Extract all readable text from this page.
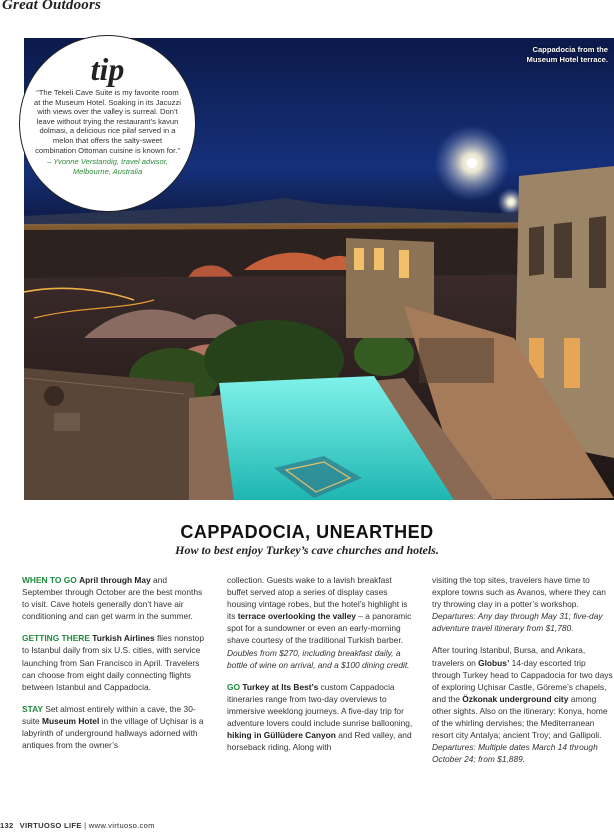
Great Outdoors
Cappadocia from the
Museum Hotel terrace.
tip
“The Tekeli Cave Suite is my favorite room at the Museum Hotel. Soaking in its Jacuzzi with views over the valley is surreal. Don’t leave without trying the restaurant’s kavun dolmasi, a delicious rice pilaf served in a melon that offers the salty-sweet combination Ottoman cuisine is known for.”
– Yvonne Verstandig, travel advisor, Melbourne, Australia
CAPPADOCIA, UNEARTHED
How to best enjoy Turkey’s cave churches and hotels.

WHEN TO GO April through May and September through October are the best months to visit. Cave hotels generally don’t have air conditioning and can get warm in the summer.

GETTING THERE Turkish Airlines flies nonstop to Istanbul daily from six U.S. cities, with service launching from San Francisco in April. Travelers can choose from eight daily connecting flights between Istanbul and Cappadocia.

STAY Set almost entirely within a cave, the 30-suite Museum Hotel in the village of Uçhisar is a labyrinth of underground hallways adorned with antiques from the owner’s

collection. Guests wake to a lavish breakfast buffet served atop a series of display cases housing vintage robes, but the hotel’s highlight is its terrace overlooking the valley – a panoramic spot for a sundowner or even an early-morning shave courtesy of the traditional Turkish barber. Doubles from $270, including breakfast daily, a bottle of wine on arrival, and a $100 dining credit.

GO Turkey at Its Best’s custom Cappadocia itineraries range from two-day overviews to immersive weeklong journeys. A five-day trip for adventure lovers could include sunrise ballooning, hiking in Güllüdere Canyon and Red valley, and horseback riding. Along with

visiting the top sites, travelers have time to explore towns such as Avanos, where they can try throwing clay in a potter’s workshop. Departures: Any day through May 31; five-day adventure travel itinerary from $1,780.

After touring Istanbul, Bursa, and Ankara, travelers on Globus’ 14-day escorted trip through Turkey head to Cappadocia for two days of exploring Uçhisar Castle, Göreme’s chapels, and the Özkonak underground city among other sights. Also on the itinerary: Konya, home of the whirling dervishes; the Mediterranean resort city Antalya; ancient Troy; and Gallipoli. Departures: Multiple dates March 14 through October 24; from $1,889.

132 VIRTUOSO LIFE | www.virtuoso.com
